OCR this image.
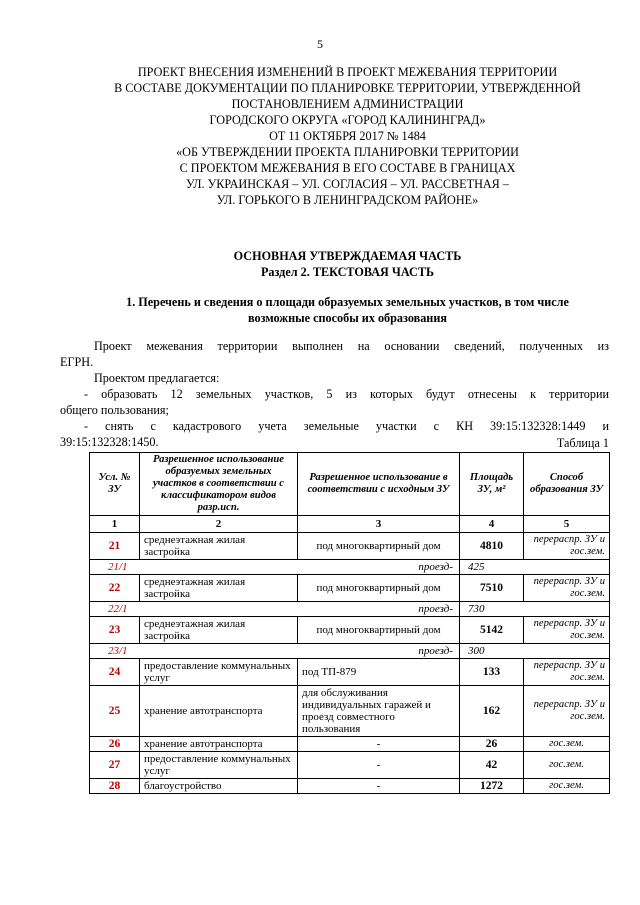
5
ПРОЕКТ ВНЕСЕНИЯ ИЗМЕНЕНИЙ В ПРОЕКТ МЕЖЕВАНИЯ ТЕРРИТОРИИ
В СОСТАВЕ ДОКУМЕНТАЦИИ ПО ПЛАНИРОВКЕ ТЕРРИТОРИИ, УТВЕРЖДЕННОЙ
ПОСТАНОВЛЕНИЕМ АДМИНИСТРАЦИИ
ГОРОДСКОГО ОКРУГА «ГОРОД КАЛИНИНГРАД»
ОТ 11 ОКТЯБРЯ 2017 № 1484
«ОБ УТВЕРЖДЕНИИ ПРОЕКТА ПЛАНИРОВКИ ТЕРРИТОРИИ
С ПРОЕКТОМ МЕЖЕВАНИЯ В ЕГО СОСТАВЕ В ГРАНИЦАХ
УЛ. УКРАИНСКАЯ – УЛ. СОГЛАСИЯ – УЛ. РАССВЕТНАЯ –
УЛ. ГОРЬКОГО В ЛЕНИНГРАДСКОМ РАЙОНЕ»
ОСНОВНАЯ УТВЕРЖДАЕМАЯ ЧАСТЬ
Раздел 2. ТЕКСТОВАЯ ЧАСТЬ
1. Перечень и сведения о площади образуемых земельных участков, в том числе
возможные способы их образования

Проект межевания территории выполнен на основании сведений, полученных из

ЕГРН.

Проектом предлагается:

- образовать 12 земельных участков, 5 из которых будут отнесены к территории

общего пользования;

- снять с кадастрового учета земельные участки с КН 39:15:132328:1449 и

39:15:132328:1450.	Таблица 1
Усл. № ЗУ	Разрешенное использование образуемых земельных участков в соответствии с классификатором видов разр.исп.	Разрешенное использование в соответствии с исходным ЗУ	Площадь ЗУ, м²	Способ образования ЗУ
1	2	3	4	5
21	среднеэтажная жилая застройка	под многоквартирный дом	4810	перераспр. ЗУ и гос.зем.
21/1 проезд-			425	
22	среднеэтажная жилая застройка	под многоквартирный дом	7510	перераспр. ЗУ и гос.зем.
22/1 проезд-			730	
23	среднеэтажная жилая застройка	под многоквартирный дом	5142	перераспр. ЗУ и гос.зем.
23/1 проезд-			300	
24	предоставление коммунальных услуг	под ТП-879	133	перераспр. ЗУ и гос.зем.
25	хранение автотранспорта	для обслуживания индивидуальных гаражей и проезд совместного пользования	162	перераспр. ЗУ и гос.зем.
26	хранение автотранспорта	-	26	гос.зем.
27	предоставление коммунальных услуг	-	42	гос.зем.
28	благоустройство	-	1272	гос.зем.
